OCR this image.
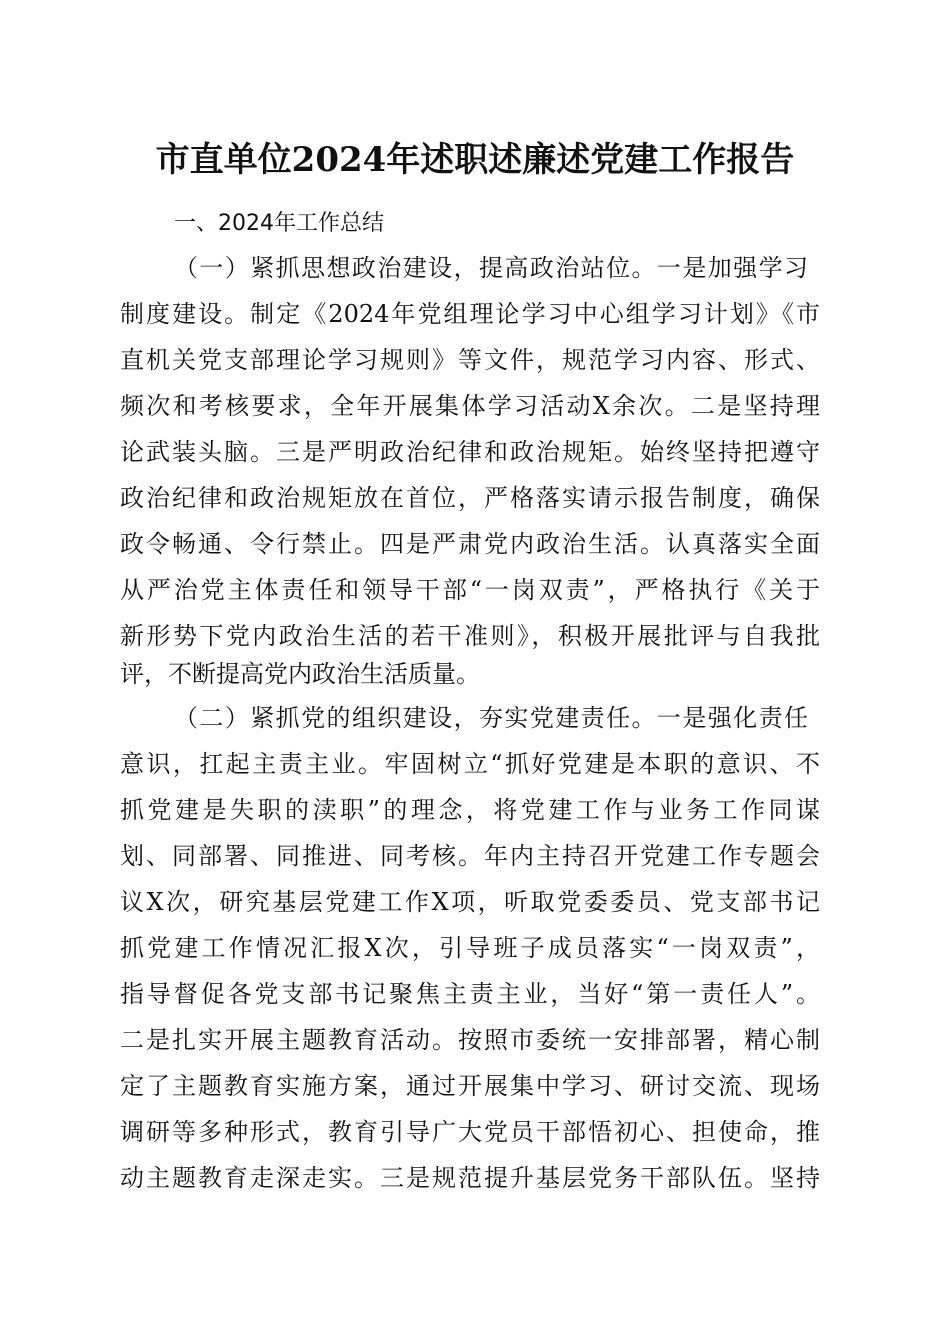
市直单位2024年述职述廉述党建工作报告
一、2024年工作总结
（一）紧抓思想政治建设，提高政治站位。一是加强学习
制度建设。制定《2024年党组理论学习中心组学习计划》《市
直机关党支部理论学习规则》等文件，规范学习内容、形式、
频次和考核要求，全年开展集体学习活动X余次。二是坚持理
论武装头脑。三是严明政治纪律和政治规矩。始终坚持把遵守
政治纪律和政治规矩放在首位，严格落实请示报告制度，确保
政令畅通、令行禁止。四是严肃党内政治生活。认真落实全面
从严治党主体责任和领导干部“一岗双责”，严格执行《关于
新形势下党内政治生活的若干准则》，积极开展批评与自我批
评，不断提高党内政治生活质量。
（二）紧抓党的组织建设，夯实党建责任。一是强化责任
意识，扛起主责主业。牢固树立“抓好党建是本职的意识、不
抓党建是失职的渎职”的理念，将党建工作与业务工作同谋
划、同部署、同推进、同考核。年内主持召开党建工作专题会
议X次，研究基层党建工作X项，听取党委委员、党支部书记
抓党建工作情况汇报X次，引导班子成员落实“一岗双责”，
指导督促各党支部书记聚焦主责主业，当好“第一责任人”。
二是扎实开展主题教育活动。按照市委统一安排部署，精心制
定了主题教育实施方案，通过开展集中学习、研讨交流、现场
调研等多种形式，教育引导广大党员干部悟初心、担使命，推
动主题教育走深走实。三是规范提升基层党务干部队伍。坚持
